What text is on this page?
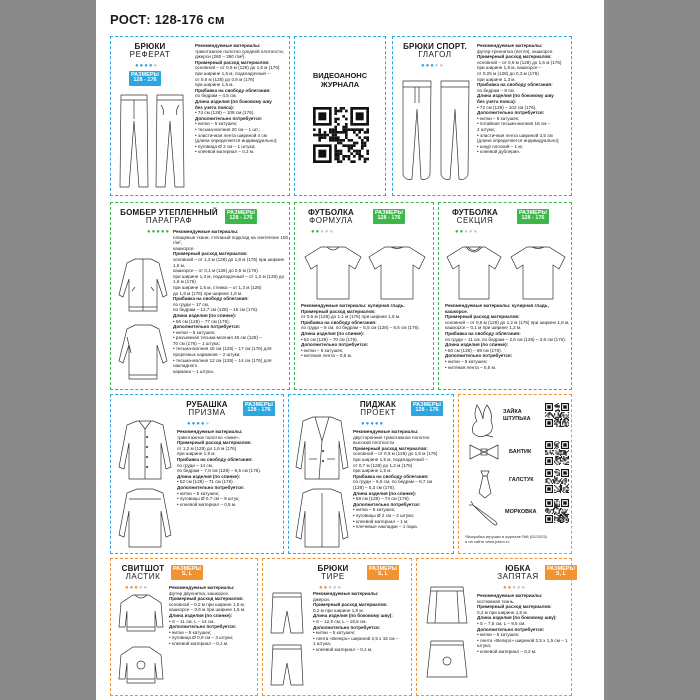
РОСТ: 128-176 см
БРЮКИ
РЕФЕРАТ
●●●●●
РАЗМЕРЫ
128 - 176
Рекомендуемые материалы:
трикотажное полотно средней плотности,
джерси (260 – 360 г/м²).
Примерный расход материалов:
основной – от 0,9 м (128) до 1,6 м (176)
при ширине 1,5 м, подкладочный –
от 0,6 м (128) до 0,8 м (176)
при ширине 1,5 м.
Прибавка на свободу облегания:
по бедрам – 4,5 см.
Длина изделия (по боковому шву
без учета пояса):
• 74 см (128) – 108 см (176).
Дополнительно потребуется:
• нитки – 5 катушек;
• тесьма-молния 20 см – 1 шт.;
• эластичная лента шириной 4 см
(длина определяется индивидуально);
• пуговица Ø 2 см – 1 штука;
• клеевой материал – 0,2 м.
ВИДЕОАНОНС
ЖУРНАЛА
БРЮКИ СПОРТ.
ГЛАГОЛ
●●●●●
Рекомендуемые материалы:
футер-трехнитка (петля), кашкорсе.
Примерный расход материалов:
основной – от 0,9 м (128) до 1,6 м (176)
при ширине 1,8 м, кашкорсе –
от 0,25 м (128) до 0,3 м (176)
при ширине 1,3 м.
Прибавка на свободу облегания:
по бедрам – 8 см.
Длина изделия (по боковому шву
без учета пояса):
• 72 см (128) – 102 см (176).
Дополнительно потребуется:
• нитки – 5 катушек;
• потайная тесьма-молния 18 см –
2 штуки;
• эластичная лента шириной 3,5 см
(длина определяется индивидуально);
• шнур плоский – 1 м;
• клеевой дублерин.
БОМБЕР УТЕПЛЕННЫЙ
ПАРАГРАФ
●●●●●
РАЗМЕРЫ
128 - 176
Рекомендуемые материалы:
плащевые ткани, стеганый подклад на синтепоне 100 г/м²,
кашкорсе.
Примерный расход материалов:
основной – от 1,3 м (128) до 1,8 м (176) при ширине 1,5 м,
кашкорсе – от 0,1 м (128) до 0,5 м (176)
при ширине 1,3 м, подкладочный – от 1,2 м (128) до 1,6 м (176)
при ширине 1,5 м, стежка – от 1,3 м (128)
до 1,6 м (176) при ширине 1,5 м.
Прибавка на свободу облегания:
по груди – 17 см,
по бедрам – 12,7 см (128) – 15 см (176).
Длина изделия (по спинке):
• 56 см (128) – 77 см (176).
Дополнительно потребуется:
• нитки – 5 катушек;
• разъемная тесьма-молния 46 см (128) –
70 см (176) – 1 штука;
• тесьма-молния 16 см (128) – 17 см (176) для
прорезных карманов – 2 штуки;
• тесьма-молния 12 см (128) – 14 см (176) для накладного
кармана – 1 штука.
ФУТБОЛКА
ФОРМУЛА
●●●●●
РАЗМЕРЫ
128 - 176
Рекомендуемые материалы: кулирная гладь.
Примерный расход материалов:
от 0,6 м (128) до 1,1 м (176) при ширине 1,8 м.
Прибавка на свободу облегания:
по груди – 8 см, по бедрам – 5,5 см (128) – 6,5 см (176).
Длина изделия (по спинке):
• 52 см (128) – 70 см (176).
Дополнительно потребуется:
• нитки – 5 катушек;
• нитяная лента – 0,5 м.
ФУТБОЛКА
СЕКЦИЯ
●●●●●
РАЗМЕРЫ
128 - 176
Рекомендуемые материалы: кулирная гладь, кашкорсе.
Примерный расход материалов:
основной – от 0,6 м (128) до 1,2 м (176) при ширине 1,8 м,
кашкорсе – 0,1 м при ширине 1,3 м.
Прибавка на свободу облегания:
по груди – 11 см, по бедрам – 2,6 см (128) – 3,6 см (176).
Длина изделия (по спинке):
• 50 см (128) – 69 см (176).
Дополнительно потребуется:
• нитки – 5 катушек;
• нитяная лента – 0,5 м.
РУБАШКА
ПРИЗМА
●●●●●
РАЗМЕРЫ
128 - 176
Рекомендуемые материалы:
трикотажное полотно «пике».
Примерный расход материалов:
от 1,2 м (128) до 1,6 м (176)
при ширине 1,8 м.
Прибавка на свободу облегания:
по груди – 14 см,
по бедрам – 7,8 см (128) – 5,5 см (176).
Длина изделия (по спинке):
• 52 см (128) – 71 см (176).
Дополнительно потребуется:
• нитки – 5 катушек;
• пуговицы Ø 0,7 см – 9 штук;
• клеевой материал – 0,5 м.
ПИДЖАК
ПРОЕКТ
●●●●●
РАЗМЕРЫ
128 - 176
Рекомендуемые материалы:
двусторонние трикотажное полотно
высокой плотности.
Примерный расход материалов:
основной – от 0,9 м (128) до 1,5 м (176)
при ширине 1,5 м, подкладочный –
от 0,7 м (128) до 1,2 м (176)
при ширине 1,5 м.
Прибавка на свободу облегания:
по груди – 6,5 см, по бедрам – 8,7 см
(128) – 5,3 см (176).
Длина изделия (по спинке):
• 58 см (128) – 74 см (176).
Дополнительно потребуется:
• нитки – 5 катушек;
• пуговицы Ø 2 см – 2 штуки;
• клеевой материал – 1 м;
• плечевые накладки – 1 пара.
ЗАЙКА ШТУПЬКА
БАНТИК
ГАЛСТУК
МОРКОВКА
*Выкройка игрушки в журнале №5 (02/2023)
и на сайте www.pasm.ru
СВИТШОТ
ЛАСТИК
●●●●●
РАЗМЕРЫ
S, L
Рекомендуемые материалы:
футер двухнитка, кашкорсе.
Примерный расход материалов:
основной – 0,2 м при ширине 1,5 м,
кашкорсе – 0,6 м при ширине 1,5 м.
Длина изделия (по спинке):
• S – 11 см, L – 14 см.
Дополнительно потребуется:
• нитки – 5 катушек;
• пуговица Ø 0,9 см – 3 штуки;
• клеевой материал – 0,1 м.
БРЮКИ
ТИРЕ
●●●●●
РАЗМЕРЫ
S, L
Рекомендуемые материалы:
джерси.
Примерный расход материалов:
0,2 м при ширине 1,8 м.
Длина изделия (по боковому шву):
• S – 12,5 см, L – 16,5 см.
Дополнительно потребуется:
• нитки – 5 катушек;
• лента «Велкро» шириной 2,5 x 15 см –
1 штука;
• клеевой материал – 0,1 м.
ЮБКА
ЗАПЯТАЯ
●●●●●
РАЗМЕРЫ
S, L
Рекомендуемые материалы:
костюмная ткань.
Примерный расход материалов:
0,2 м при ширине 1,5 м.
Длина изделия (по боковому шву):
• S – 7,5 см, L – 9,5 см.
Дополнительно потребуется:
• нитки – 5 катушек;
• лента «Велкро» шириной 2,5 x 1,5 см – 1 штука;
• клеевой материал – 0,2 м.
